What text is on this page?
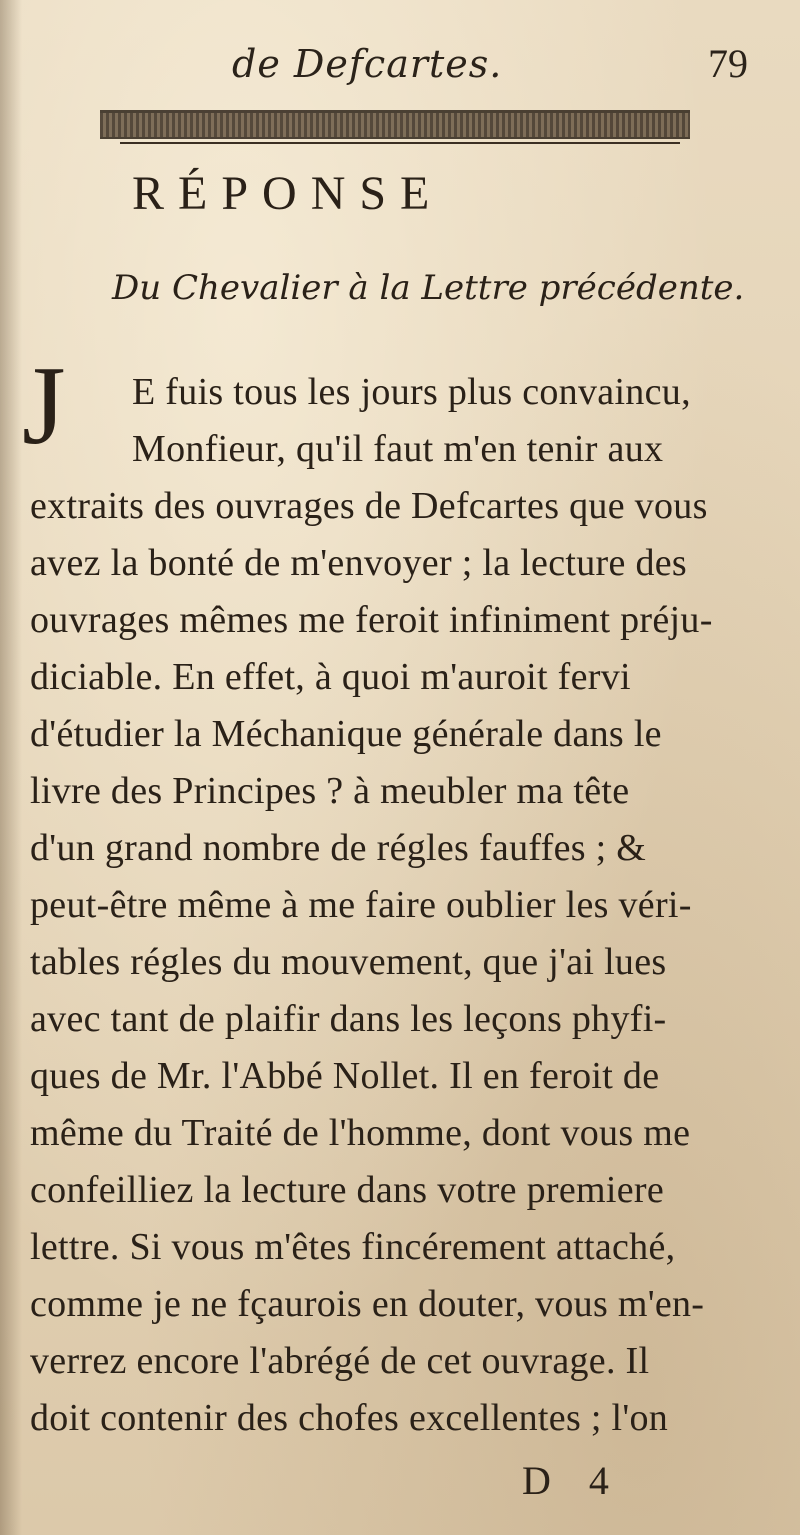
de Defcartes.	79
RÉPONSE
Du Chevalier à la Lettre précédente.
J E fuis tous les jours plus convaincu,
Monfieur, qu'il faut m'en tenir aux
extraits des ouvrages de Defcartes que vous
avez la bonté de m'envoyer ; la lecture des
ouvrages mêmes me feroit infiniment préju-
diciable. En effet, à quoi m'auroit fervi
d'étudier la Méchanique générale dans le
livre des Principes ? à meubler ma tête
d'un grand nombre de régles fauffes ; &
peut-être même à me faire oublier les véri-
tables régles du mouvement, que j'ai lues
avec tant de plaifir dans les leçons phyfi-
ques de Mr. l'Abbé Nollet. Il en feroit de
même du Traité de l'homme, dont vous me
confeilliez la lecture dans votre premiere
lettre. Si vous m'êtes fincérement attaché,
comme je ne fçaurois en douter, vous m'en-
verrez encore l'abrégé de cet ouvrage. Il
doit contenir des chofes excellentes ; l'on
D 4
